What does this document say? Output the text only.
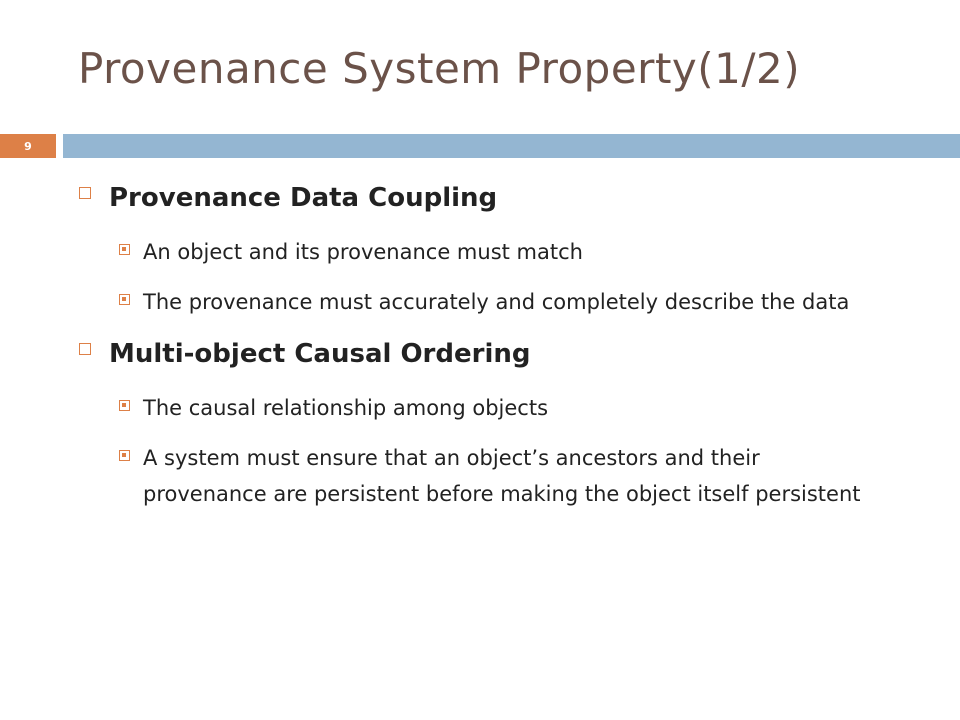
Provenance System Property(1/2)
9
Provenance Data Coupling
An object and its provenance must match
The provenance must accurately and completely describe the data
Multi-object Causal Ordering
The causal relationship among objects
A system must ensure that an object’s ancestors and their provenance are persistent before making the object itself persistent
